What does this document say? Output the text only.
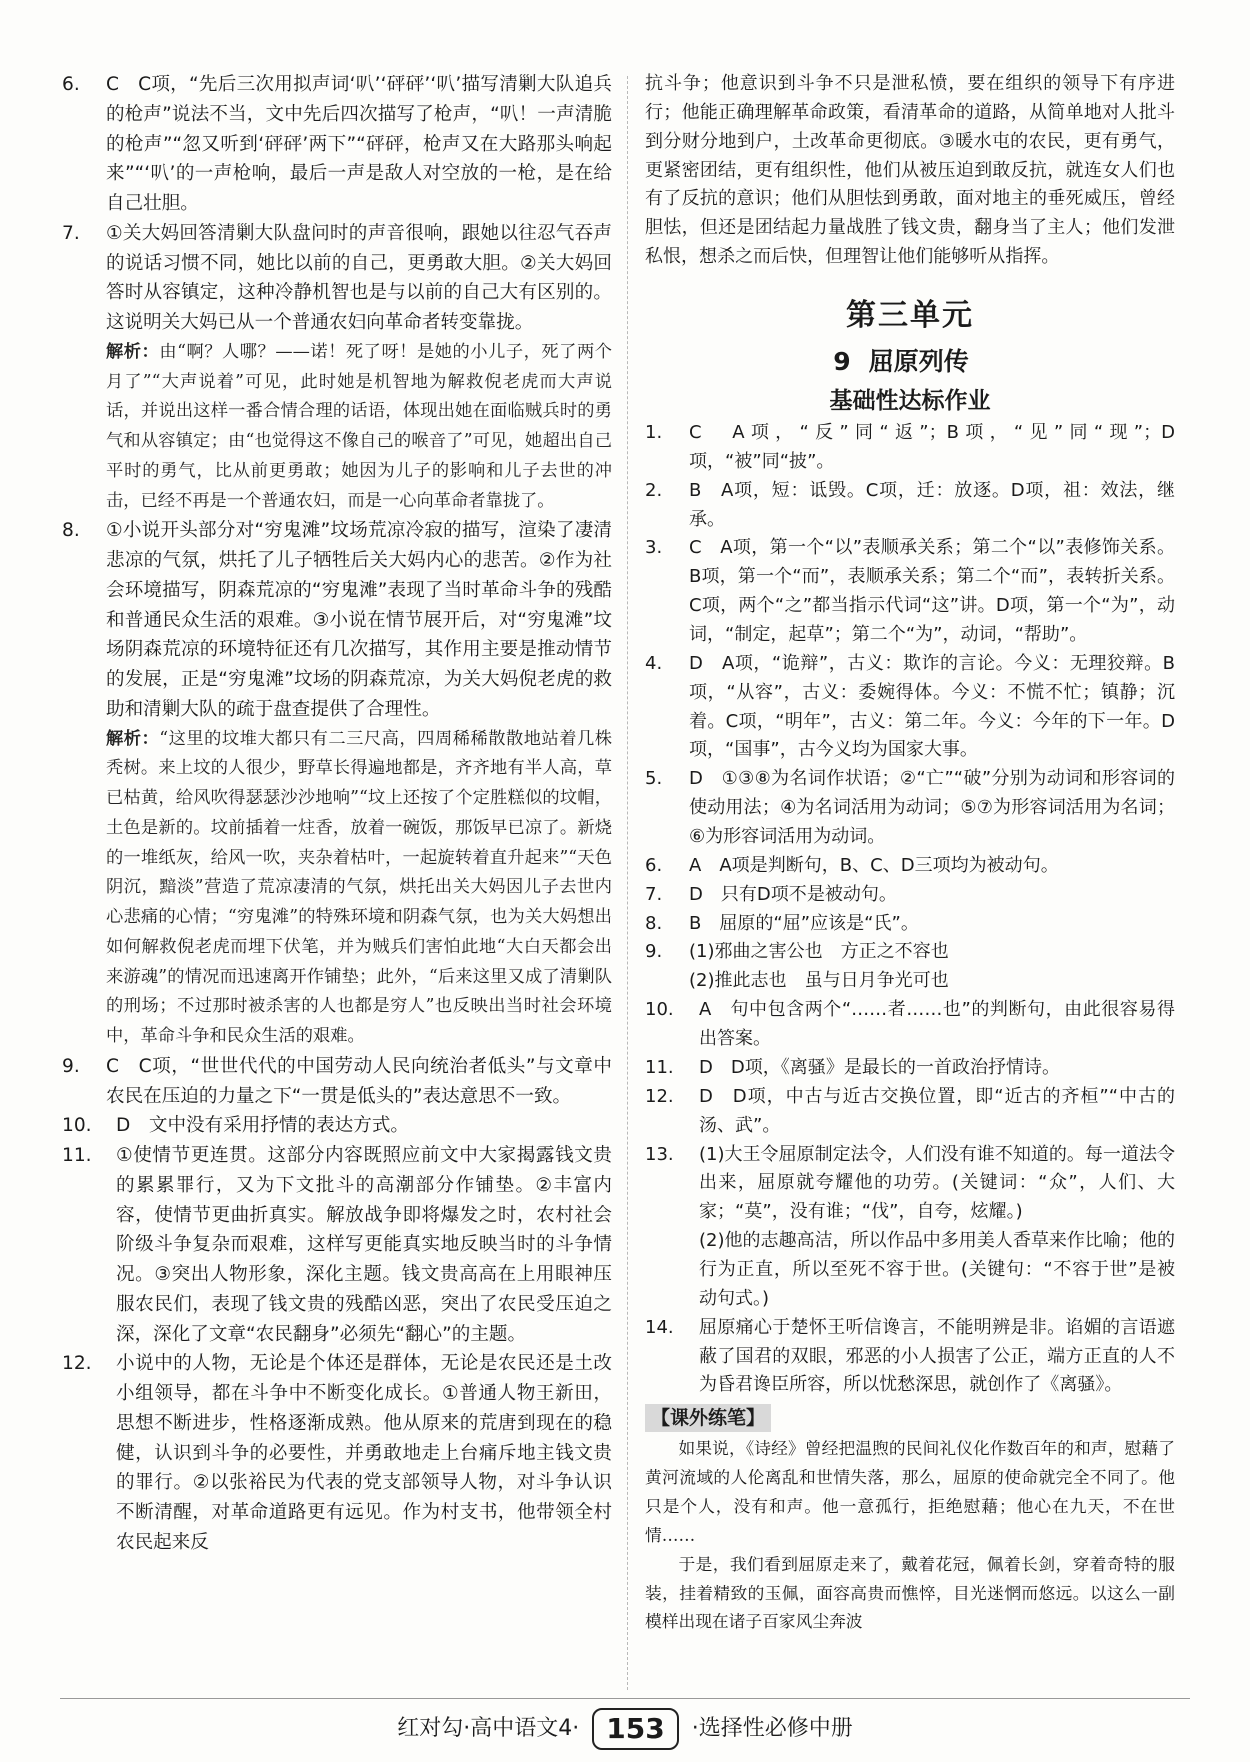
6. C　C项，“先后三次用拟声词‘叭’‘砰砰’‘叭’描写清剿大队追兵的枪声”说法不当，文中先后四次描写了枪声，“叭！一声清脆的枪声”“忽又听到‘砰砰’两下”“砰砰，枪声又在大路那头响起来”“‘叭’的一声枪响，最后一声是敌人对空放的一枪，是在给自己壮胆。
7. ①关大妈回答清剿大队盘问时的声音很响，跟她以往忍气吞声的说话习惯不同，她比以前的自己，更勇敢大胆。②关大妈回答时从容镇定，这种冷静机智也是与以前的自己大有区别的。这说明关大妈已从一个普通农妇向革命者转变靠拢。
解析：由“啊？人哪？——诺！死了呀！是她的小儿子，死了两个月了”“大声说着”可见，此时她是机智地为解救倪老虎而大声说话，并说出这样一番合情合理的话语，体现出她在面临贼兵时的勇气和从容镇定；由“也觉得这不像自己的喉音了”可见，她超出自己平时的勇气，比从前更勇敢；她因为儿子的影响和儿子去世的冲击，已经不再是一个普通农妇，而是一心向革命者靠拢了。
8. ①小说开头部分对“穷鬼滩”坟场荒凉冷寂的描写，渲染了凄清悲凉的气氛，烘托了儿子牺牲后关大妈内心的悲苦。②作为社会环境描写，阴森荒凉的“穷鬼滩”表现了当时革命斗争的残酷和普通民众生活的艰难。③小说在情节展开后，对“穷鬼滩”坟场阴森荒凉的环境特征还有几次描写，其作用主要是推动情节的发展，正是“穷鬼滩”坟场的阴森荒凉，为关大妈倪老虎的救助和清剿大队的疏于盘查提供了合理性。
解析：“这里的坟堆大都只有二三尺高，四周稀稀散散地站着几株秃树。来上坟的人很少，野草长得遍地都是，齐齐地有半人高，草已枯黄，给风吹得瑟瑟沙沙地响”“坟上还按了个定胜糕似的坟帽，土色是新的。坟前插着一炷香，放着一碗饭，那饭早已凉了。新烧的一堆纸灰，给风一吹，夹杂着枯叶，一起旋转着直升起来”“天色阴沉，黯淡”营造了荒凉凄清的气氛，烘托出关大妈因儿子去世内心悲痛的心情；“穷鬼滩”的特殊环境和阴森气氛，也为关大妈想出如何解救倪老虎而埋下伏笔，并为贼兵们害怕此地“大白天都会出来游魂”的情况而迅速离开作铺垫；此外，“后来这里又成了清剿队的刑场；不过那时被杀害的人也都是穷人”也反映出当时社会环境中，革命斗争和民众生活的艰难。
9. C　C项，“世世代代的中国劳动人民向统治者低头”与文章中农民在压迫的力量之下“一贯是低头的”表达意思不一致。
10. D　文中没有采用抒情的表达方式。
11. ①使情节更连贯。这部分内容既照应前文中大家揭露钱文贵的累累罪行，又为下文批斗的高潮部分作铺垫。②丰富内容，使情节更曲折真实。解放战争即将爆发之时，农村社会阶级斗争复杂而艰难，这样写更能真实地反映当时的斗争情况。③突出人物形象，深化主题。钱文贵高高在上用眼神压服农民们，表现了钱文贵的残酷凶恶，突出了农民受压迫之深，深化了文章“农民翻身”必须先“翻心”的主题。
12. 小说中的人物，无论是个体还是群体，无论是农民还是土改小组领导，都在斗争中不断变化成长。①普通人物王新田，思想不断进步，性格逐渐成熟。他从原来的荒唐到现在的稳健，认识到斗争的必要性，并勇敢地走上台痛斥地主钱文贵的罪行。②以张裕民为代表的党支部领导人物，对斗争认识不断清醒，对革命道路更有远见。作为村支书，他带领全村农民起来反
抗斗争；他意识到斗争不只是泄私愤，要在组织的领导下有序进行；他能正确理解革命政策，看清革命的道路，从简单地对人批斗到分财分地到户，土改革命更彻底。③暖水屯的农民，更有勇气，更紧密团结，更有组织性，他们从被压迫到敢反抗，就连女人们也有了反抗的意识；他们从胆怯到勇敢，面对地主的垂死威压，曾经胆怯，但还是团结起力量战胜了钱文贵，翻身当了主人；他们发泄私恨，想杀之而后快，但理智让他们能够听从指挥。
第三单元
9 屈原列传
基础性达标作业
1. C　A项，“反”同“返”；B项，“见”同“现”；D项，“被”同“披”。
2. B　A项，短：诋毁。C项，迁：放逐。D项，祖：效法，继承。
3. C　A项，第一个“以”表顺承关系；第二个“以”表修饰关系。B项，第一个“而”，表顺承关系；第二个“而”，表转折关系。C项，两个“之”都当指示代词“这”讲。D项，第一个“为”，动词，“制定，起草”；第二个“为”，动词，“帮助”。
4. D　A项，“诡辩”，古义：欺诈的言论。今义：无理狡辩。B项，“从容”，古义：委婉得体。今义：不慌不忙；镇静；沉着。C项，“明年”，古义：第二年。今义：今年的下一年。D项，“国事”，古今义均为国家大事。
5. D　①③⑧为名词作状语；②“亡”“破”分别为动词和形容词的使动用法；④为名词活用为动词；⑤⑦为形容词活用为名词；⑥为形容词活用为动词。
6. A　A项是判断句，B、C、D三项均为被动句。
7. D　只有D项不是被动句。
8. B　屈原的“屈”应该是“氏”。
9. (1)邪曲之害公也　方正之不容也
(2)推此志也　虽与日月争光可也
10. A　句中包含两个“……者……也”的判断句，由此很容易得出答案。
11. D　D项，《离骚》是最长的一首政治抒情诗。
12. D　D项，中古与近古交换位置，即“近古的齐桓”“中古的汤、武”。
13. (1)大王令屈原制定法令，人们没有谁不知道的。每一道法令出来，屈原就夸耀他的功劳。(关键词：“众”，人们、大家；“莫”，没有谁；“伐”，自夸，炫耀。)
(2)他的志趣高洁，所以作品中多用美人香草来作比喻；他的行为正直，所以至死不容于世。(关键句：“不容于世”是被动句式。)
14. 屈原痛心于楚怀王听信谗言，不能明辨是非。谄媚的言语遮蔽了国君的双眼，邪恶的小人损害了公正，端方正直的人不为昏君谗臣所容，所以忧愁深思，就创作了《离骚》。
【课外练笔】
如果说，《诗经》曾经把温煦的民间礼仪化作数百年的和声，慰藉了黄河流域的人伦离乱和世情失落，那么，屈原的使命就完全不同了。他只是个人，没有和声。他一意孤行，拒绝慰藉；他心在九天，不在世情……
于是，我们看到屈原走来了，戴着花冠，佩着长剑，穿着奇特的服装，挂着精致的玉佩，面容高贵而憔悴，目光迷惘而悠远。以这么一副模样出现在诸子百家风尘奔波
红对勾·高中语文4· 153 ·选择性必修中册
